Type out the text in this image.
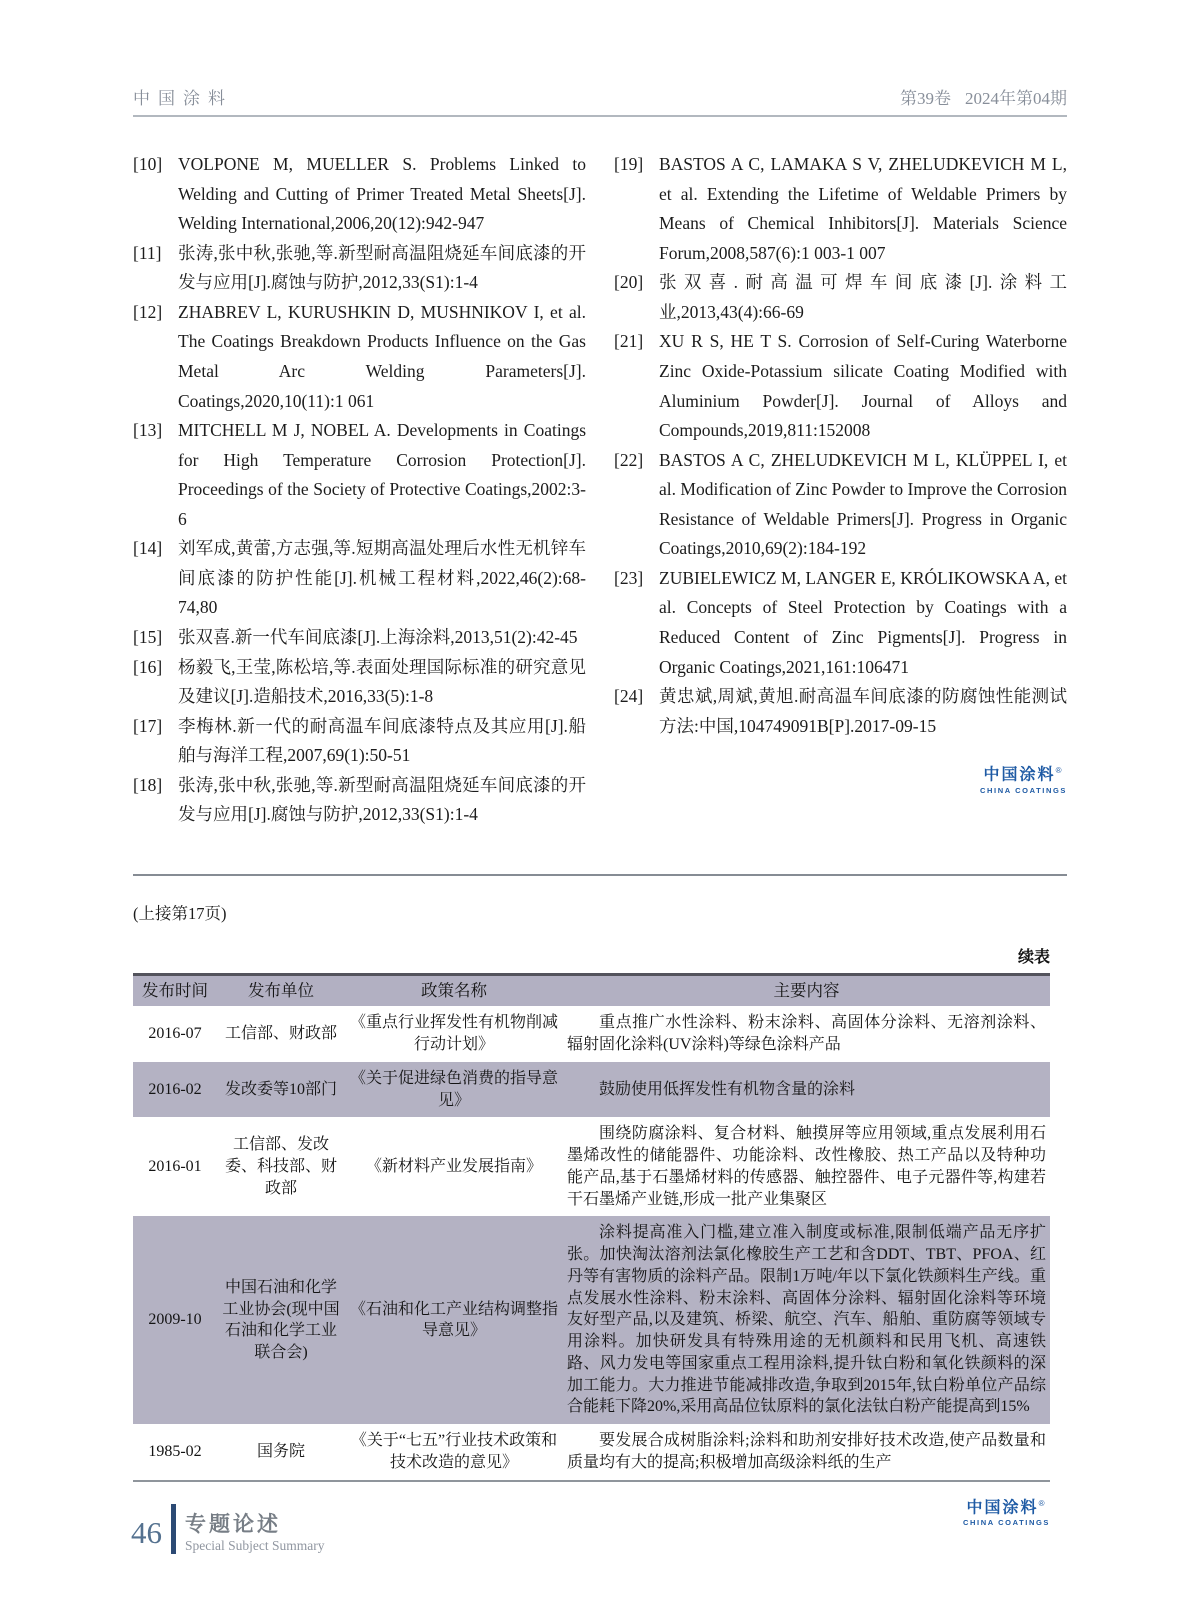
中国涂料	第39卷 2024年第04期
[10] VOLPONE M, MUELLER S. Problems Linked to Welding and Cutting of Primer Treated Metal Sheets[J]. Welding International,2006,20(12):942-947
[11] 张涛,张中秋,张驰,等.新型耐高温阻烧延车间底漆的开发与应用[J].腐蚀与防护,2012,33(S1):1-4
[12] ZHABREV L, KURUSHKIN D, MUSHNIKOV I, et al. The Coatings Breakdown Products Influence on the Gas Metal Arc Welding Parameters[J]. Coatings,2020,10(11):1 061
[13] MITCHELL M J, NOBEL A. Developments in Coatings for High Temperature Corrosion Protection[J]. Proceedings of the Society of Protective Coatings,2002:3-6
[14] 刘军成,黄蕾,方志强,等.短期高温处理后水性无机锌车间底漆的防护性能[J].机械工程材料,2022,46(2):68-74,80
[15] 张双喜.新一代车间底漆[J].上海涂料,2013,51(2):42-45
[16] 杨毅飞,王莹,陈松培,等.表面处理国际标准的研究意见及建议[J].造船技术,2016,33(5):1-8
[17] 李梅林.新一代的耐高温车间底漆特点及其应用[J].船舶与海洋工程,2007,69(1):50-51
[18] 张涛,张中秋,张驰,等.新型耐高温阻烧延车间底漆的开发与应用[J].腐蚀与防护,2012,33(S1):1-4
[19] BASTOS A C, LAMAKA S V, ZHELUDKEVICH M L, et al. Extending the Lifetime of Weldable Primers by Means of Chemical Inhibitors[J]. Materials Science Forum,2008,587(6):1 003-1 007
[20] 张双喜.耐高温可焊车间底漆[J].涂料工业,2013,43(4):66-69
[21] XU R S, HE T S. Corrosion of Self-Curing Waterborne Zinc Oxide-Potassium silicate Coating Modified with Aluminium Powder[J]. Journal of Alloys and Compounds,2019,811:152008
[22] BASTOS A C, ZHELUDKEVICH M L, KLÜPPEL I, et al. Modification of Zinc Powder to Improve the Corrosion Resistance of Weldable Primers[J]. Progress in Organic Coatings,2010,69(2):184-192
[23] ZUBIELEWICZ M, LANGER E, KRÓLIKOWSKA A, et al. Concepts of Steel Protection by Coatings with a Reduced Content of Zinc Pigments[J]. Progress in Organic Coatings,2021,161:106471
[24] 黄忠斌,周斌,黄旭.耐高温车间底漆的防腐蚀性能测试方法:中国,104749091B[P].2017-09-15
中国涂料®
CHINA COATINGS
(上接第17页)
续表
发布时间	发布单位	政策名称	主要内容
2016-07	工信部、财政部	《重点行业挥发性有机物削减行动计划》	重点推广水性涂料、粉末涂料、高固体分涂料、无溶剂涂料、辐射固化涂料(UV涂料)等绿色涂料产品
2016-02	发改委等10部门	《关于促进绿色消费的指导意见》	鼓励使用低挥发性有机物含量的涂料
2016-01	工信部、发改委、科技部、财政部	《新材料产业发展指南》	围绕防腐涂料、复合材料、触摸屏等应用领域,重点发展利用石墨烯改性的储能器件、功能涂料、改性橡胶、热工产品以及特种功能产品,基于石墨烯材料的传感器、触控器件、电子元器件等,构建若干石墨烯产业链,形成一批产业集聚区
2009-10	中国石油和化学工业协会(现中国石油和化学工业联合会)	《石油和化工产业结构调整指导意见》	涂料提高准入门槛,建立准入制度或标准,限制低端产品无序扩张。加快淘汰溶剂法氯化橡胶生产工艺和含DDT、TBT、PFOA、红丹等有害物质的涂料产品。限制1万吨/年以下氯化铁颜料生产线。重点发展水性涂料、粉末涂料、高固体分涂料、辐射固化涂料等环境友好型产品,以及建筑、桥梁、航空、汽车、船舶、重防腐等领域专用涂料。加快研发具有特殊用途的无机颜料和民用飞机、高速铁路、风力发电等国家重点工程用涂料,提升钛白粉和氧化铁颜料的深加工能力。大力推进节能减排改造,争取到2015年,钛白粉单位产品综合能耗下降20%,采用高品位钛原料的氯化法钛白粉产能提高到15%
1985-02	国务院	《关于“七五”行业技术政策和技术改造的意见》	要发展合成树脂涂料;涂料和助剂安排好技术改造,使产品数量和质量均有大的提高;积极增加高级涂料纸的生产
中国涂料®
CHINA COATINGS
46 专题论述
Special Subject Summary
